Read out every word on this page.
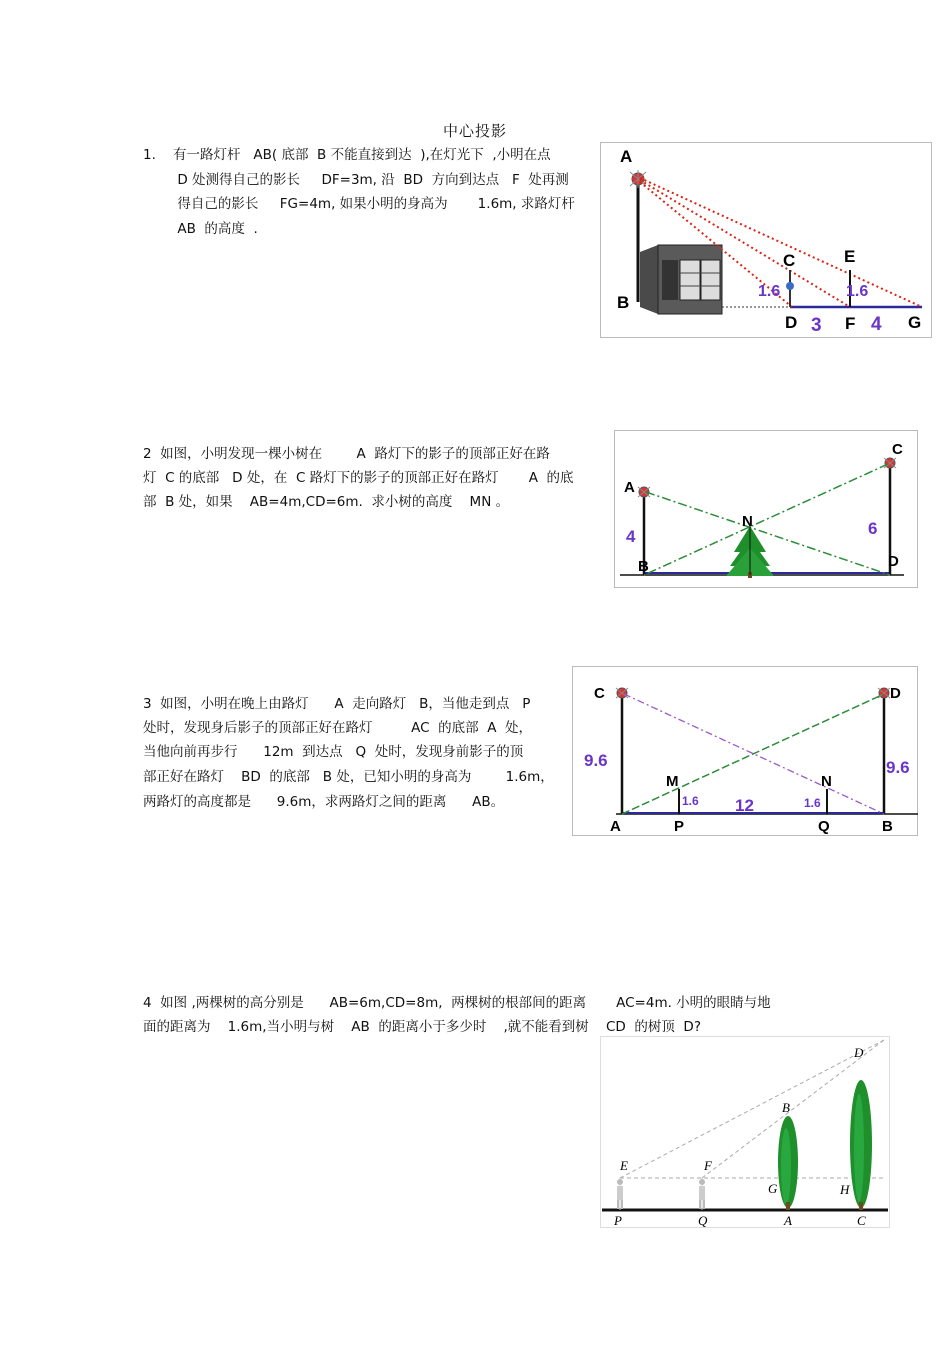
中心投影
1.    有一路灯杆   AB( 底部  B 不能直接到达  ),在灯光下  ,小明在点
D 处测得自己的影长     DF=3m, 沿  BD  方向到达点   F  处再测
得自己的影长     FG=4m, 如果小明的身高为       1.6m, 求路灯杆
AB  的高度  .
A
B
C
D
E
F	G
1.6	1.6
3	4
2  如图，小明发现一棵小树在        A  路灯下的影子的顶部正好在路
灯  C 的底部   D 处，在  C 路灯下的影子的顶部正好在路灯       A  的底
部  B 处，如果    AB=4m,CD=6m.  求小树的高度    MN 。
A
B
C
D
N
4	6
3  如图，小明在晚上由路灯      A  走向路灯   B，当他走到点   P
处时，发现身后影子的顶部正好在路灯         AC  的底部  A  处，
当他向前再步行      12m  到达点   Q  处时，发现身前影子的顶
部正好在路灯    BD  的底部   B 处，已知小明的身高为        1.6m，
两路灯的高度都是      9.6m，求两路灯之间的距离      AB。
C	D
A	P	Q	B
M	N
9.6	9.6
1.6	1.6
12
4  如图 ,两棵树的高分别是      AB=6m,CD=8m,  两棵树的根部间的距离       AC=4m. 小明的眼睛与地
面的距离为    1.6m,当小明与树    AB  的距离小于多少时    ,就不能看到树    CD  的树顶  D?
P	Q	A	C
E	F
G	H
B
D
